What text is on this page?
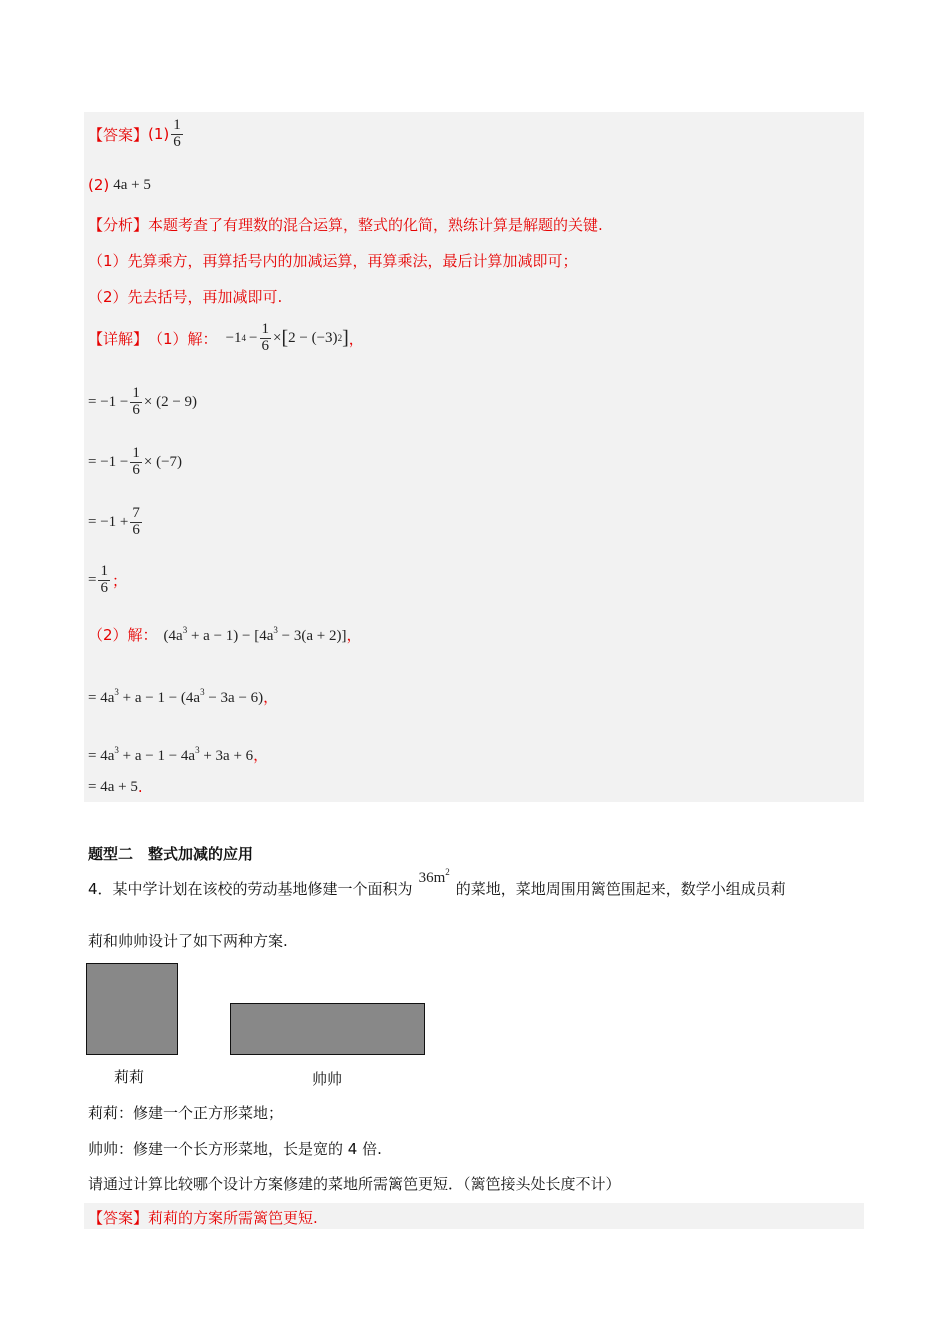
【答案】 $(1) \frac{1}{6}$
(2) 4a + 5
【分析】 本题考查了有理数的混合运算，整式的化简，熟练计算是解题的关键.
（1）先算乘方，再算括号内的加减运算，再算乘法，最后计算加减即可；
（2）先去括号，再加减即可.
【详解】 （1）解： −1 $4 - \frac{1}{6}$ × [ 2 − (−3) 2 ] ，
= $-1 - \frac{1}{6} \times (2 - 9)$
= $-1 - \frac{1}{6} \times (-7)$
= $-1 + \frac{7}{6}$
= $\frac{1}{6}$ ；
（2）解： $(4a^3 + a - 1) - [4a^3 - 3(a + 2)]$ ，
= $4a^3 + a - 1 - (4a^3 - 3a - 6)$ ，
= $4a^3 + a - 1 - 4a^3 + 3a + 6$ ，
= 4a + 5 .
题型二　整式加减的应用
4． 某中学计划在该校的劳动基地修建一个面积为
$36m^2$
的菜地，菜地周围用篱笆围起来，数学小组成员莉
莉和帅帅设计了如下两种方案.
莉莉	帅帅
莉莉：修建一个正方形菜地；
帅帅：修建一个长方形菜地，长是宽的 4 倍.
请通过计算比较哪个设计方案修建的菜地所需篱笆更短．（篱笆接头处长度不计）
【答案】 莉莉的方案所需篱笆更短.
